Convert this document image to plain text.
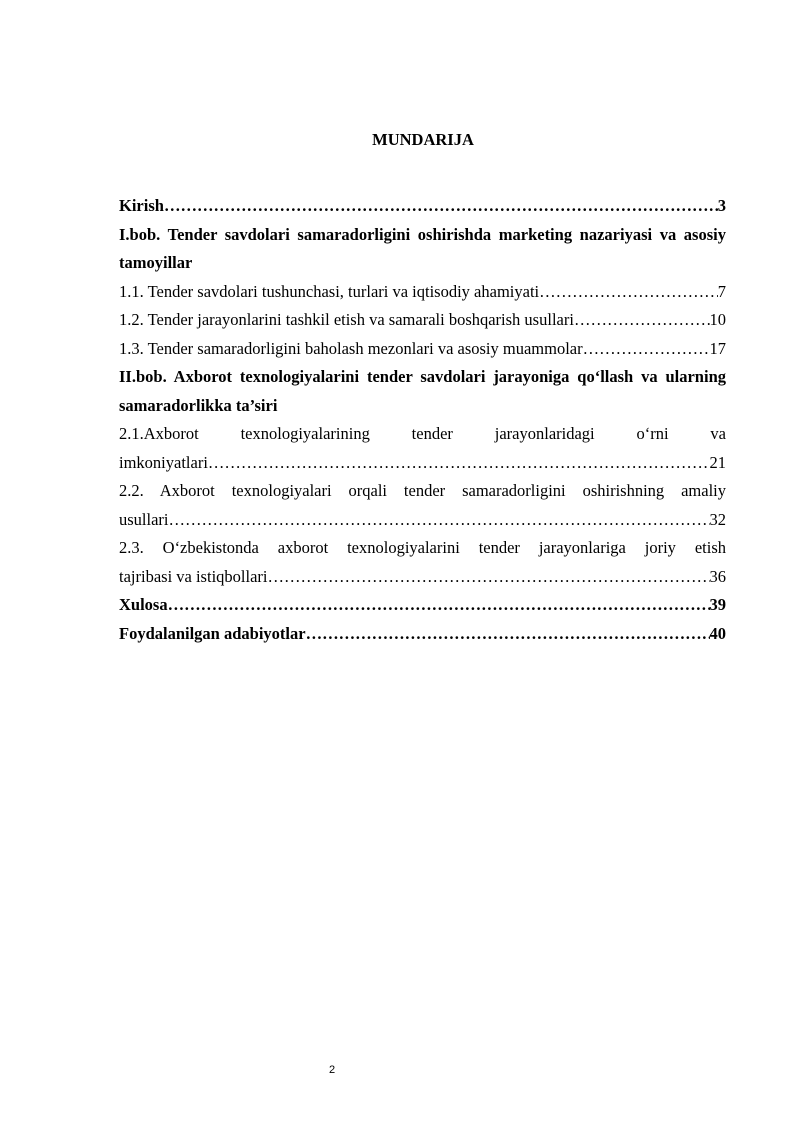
MUNDARIJA
Kirish ……………………………………………………………………………………………………………………………………………………………………………………………………………………	3
I.bob. Tender savdolari samaradorligini oshirishda marketing nazariyasi va asosiy tamoyillar
1.1. Tender savdolari tushunchasi, turlari va iqtisodiy ahamiyati ……………………………………………………………………………………………………………………………………………………………………………………………………………………	7
1.2. Tender jarayonlarini tashkil etish va samarali boshqarish usullari ……………………………………………………………………………………………………………………………………………………………………………………………………………………	10
1.3. Tender samaradorligini baholash mezonlari va asosiy muammolar ……………………………………………………………………………………………………………………………………………………………………………………………………………………	17
II.bob. Axborot texnologiyalarini tender savdolari jarayoniga qo‘llash va ularning samaradorlikka ta’siri
2.1.Axborot texnologiyalarining tender jarayonlaridagi o‘rni va
imkoniyatlari ……………………………………………………………………………………………………………………………………………………………………………………………………………………	21
2.2. Axborot texnologiyalari orqali tender samaradorligini oshirishning amaliy
usullari ……………………………………………………………………………………………………………………………………………………………………………………………………………………	32
2.3. O‘zbekistonda axborot texnologiyalarini tender jarayonlariga joriy etish
tajribasi va istiqbollari ……………………………………………………………………………………………………………………………………………………………………………………………………………………	36
Xulosa ……………………………………………………………………………………………………………………………………………………………………………………………………………………	39
Foydalanilgan adabiyotlar ……………………………………………………………………………………………………………………………………………………………………………………………………………………	40
2
